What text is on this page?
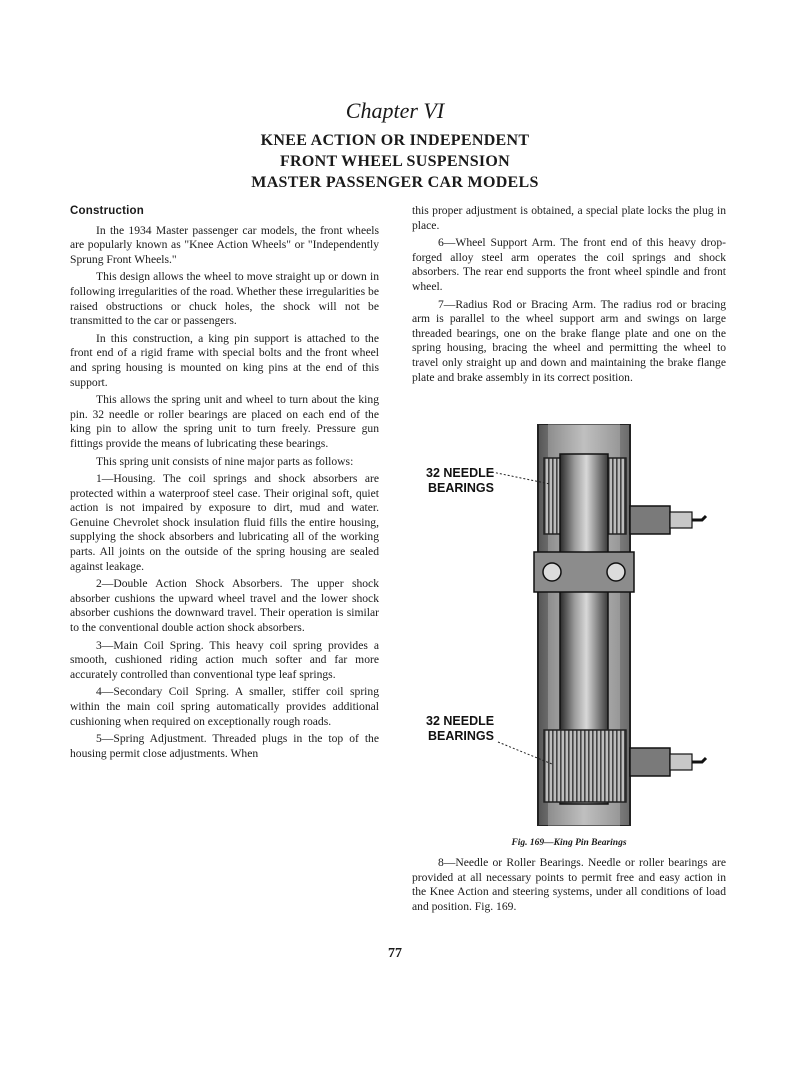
Chapter VI
KNEE ACTION OR INDEPENDENT
FRONT WHEEL SUSPENSION
MASTER PASSENGER CAR MODELS
Construction

In the 1934 Master passenger car models, the front wheels are popularly known as "Knee Action Wheels" or "Independently Sprung Front Wheels."

This design allows the wheel to move straight up or down in following irregularities of the road. Whether these irregularities be raised obstructions or chuck holes, the shock will not be transmitted to the car or passengers.

In this construction, a king pin support is attached to the front end of a rigid frame with special bolts and the front wheel and spring housing is mounted on king pins at the end of this support.

This allows the spring unit and wheel to turn about the king pin. 32 needle or roller bearings are placed on each end of the king pin to allow the spring unit to turn freely. Pressure gun fittings provide the means of lubricating these bearings.

This spring unit consists of nine major parts as follows:

1—Housing. The coil springs and shock absorbers are protected within a waterproof steel case. Their original soft, quiet action is not impaired by exposure to dirt, mud and water. Genuine Chevrolet shock insulation fluid fills the entire housing, supplying the shock absorbers and lubricating all of the working parts. All joints on the outside of the spring housing are sealed against leakage.

2—Double Action Shock Absorbers. The upper shock absorber cushions the upward wheel travel and the lower shock absorber cushions the downward travel. Their operation is similar to the conventional double action shock absorbers.

3—Main Coil Spring. This heavy coil spring provides a smooth, cushioned riding action much softer and far more accurately controlled than conventional type leaf springs.

4—Secondary Coil Spring. A smaller, stiffer coil spring within the main coil spring automatically provides additional cushioning when required on exceptionally rough roads.

5—Spring Adjustment. Threaded plugs in the top of the housing permit close adjustments. When

this proper adjustment is obtained, a special plate locks the plug in place.

6—Wheel Support Arm. The front end of this heavy drop-forged alloy steel arm operates the coil springs and shock absorbers. The rear end supports the front wheel spindle and front wheel.

7—Radius Rod or Bracing Arm. The radius rod or bracing arm is parallel to the wheel support arm and swings on large threaded bearings, one on the brake flange plate and one on the spring housing, bracing the wheel and permitting the wheel to travel only straight up and down and maintaining the brake flange plate and brake assembly in its correct position.

32 NEEDLE
BEARINGS
32 NEEDLE
BEARINGS
Fig. 169—King Pin Bearings

8—Needle or Roller Bearings. Needle or roller bearings are provided at all necessary points to permit free and easy action in the Knee Action and steering systems, under all conditions of load and position. Fig. 169.

77
